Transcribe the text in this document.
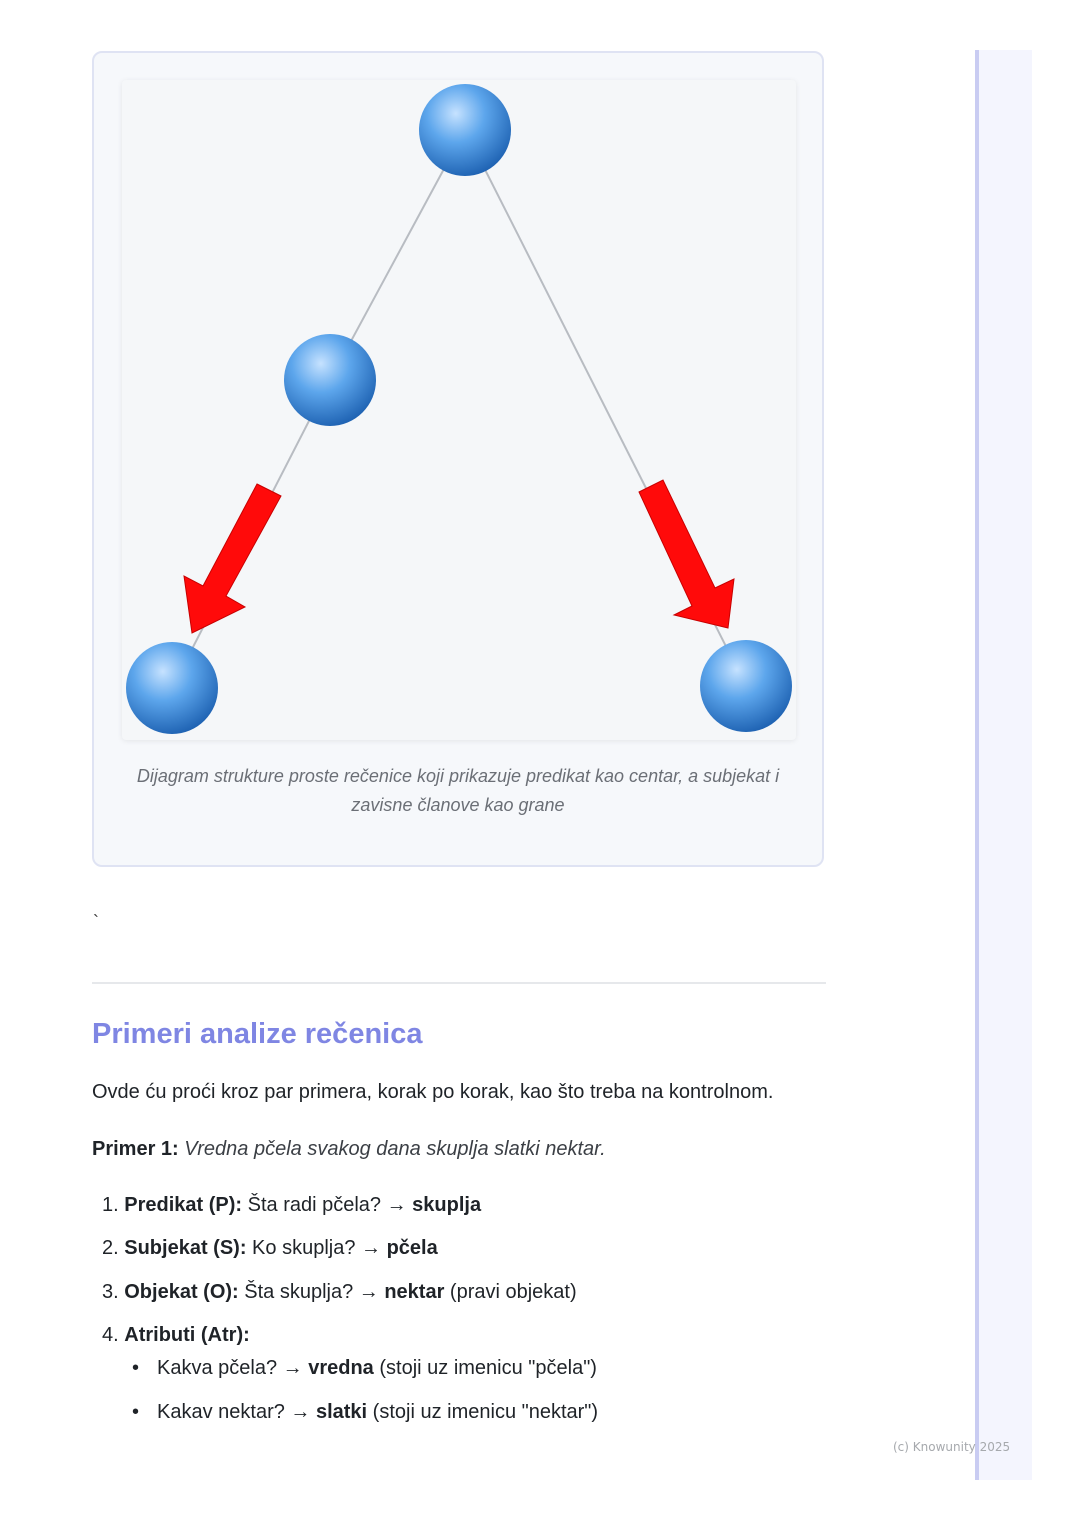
Dijagram strukture proste rečenice koji prikazuje predikat kao centar, a subjekat i zavisne članove kao grane
`
Primeri analize rečenica

Ovde ću proći kroz par primera, korak po korak, kao što treba na kontrolnom.

Primer 1: Vredna pčela svakog dana skuplja slatki nektar.

1. Predikat (P): Šta radi pčela? → skuplja
2. Subjekat (S): Ko skuplja? → pčela
3. Objekat (O): Šta skuplja? → nektar (pravi objekat)
4. Atributi (Atr):
• Kakva pčela? → vredna (stoji uz imenicu "pčela")
• Kakav nektar? → slatki (stoji uz imenicu "nektar")
(c) Knowunity 2025
